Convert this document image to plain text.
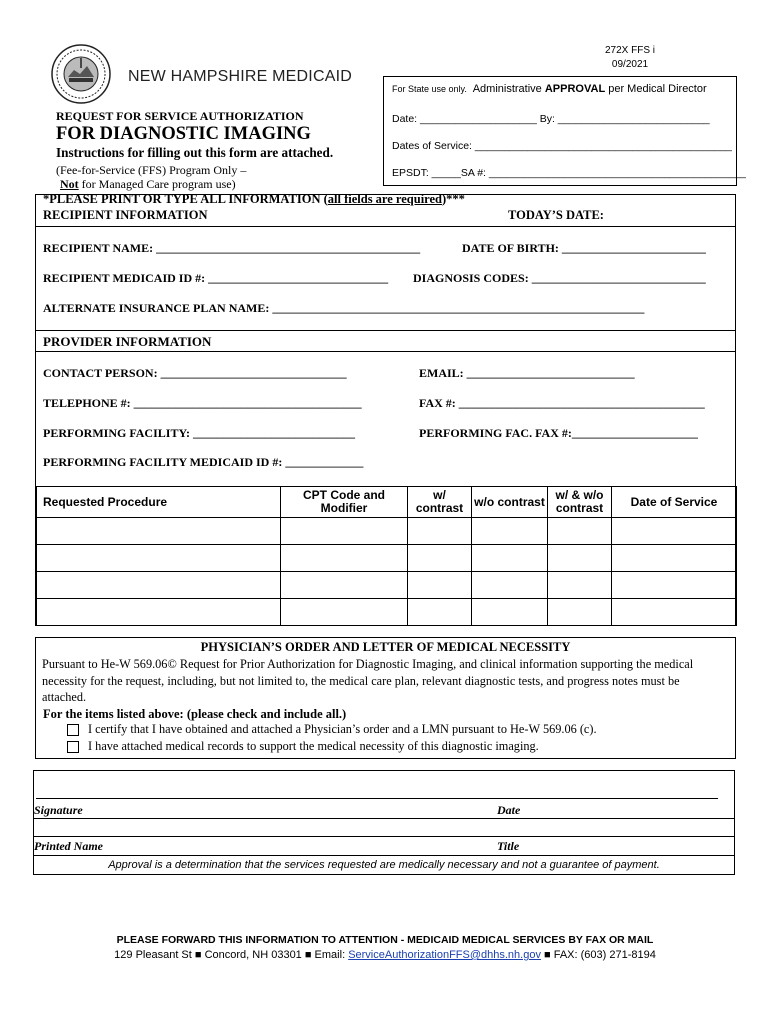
272X FFS i
09/2021
NEW HAMPSHIRE MEDICAID
REQUEST FOR SERVICE AUTHORIZATION
FOR DIAGNOSTIC IMAGING
Instructions for filling out this form are attached.
(Fee-for-Service (FFS) Program Only –
Not for Managed Care program use)
For State use only. Administrative APPROVAL per Medical Director
Date: ____________________ By: __________________________
Dates of Service: ____________________________________________
EPSDT: _____SA #: ____________________________________________
*PLEASE PRINT OR TYPE ALL INFORMATION (all fields are required)***
RECIPIENT INFORMATION	TODAY’S DATE:
RECIPIENT NAME: ____________________________________________	DATE OF BIRTH: ________________________
RECIPIENT MEDICAID ID #: ______________________________ DIAGNOSIS CODES: _____________________________
ALTERNATE INSURANCE PLAN NAME: ______________________________________________________________
PROVIDER INFORMATION
CONTACT PERSON: _______________________________	EMAIL: ____________________________
TELEPHONE #: ______________________________________	FAX #: _________________________________________
PERFORMING FACILITY: ___________________________	PERFORMING FAC. FAX #:_____________________
PERFORMING FACILITY MEDICAID ID #: _____________
Requested Procedure	CPT Code and Modifier	w/ contrast	w/o contrast	w/ & w/o contrast	Date of Service

PHYSICIAN’S ORDER AND LETTER OF MEDICAL NECESSITY
Pursuant to He-W 569.06© Request for Prior Authorization for Diagnostic Imaging, and clinical information supporting the medical necessity for the request, including, but not limited to, the medical care plan, relevant diagnostic tests, and progress notes must be attached.
For the items listed above: (please check and include all.)
I certify that I have obtained and attached a Physician’s order and a LMN pursuant to He-W 569.06 (c).
I have attached medical records to support the medical necessity of this diagnostic imaging.
Signature	Date
Printed Name	Title
Approval is a determination that the services requested are medically necessary and not a guarantee of payment.
PLEASE FORWARD THIS INFORMATION TO ATTENTION - MEDICAID MEDICAL SERVICES BY FAX OR MAIL
129 Pleasant St ■ Concord, NH 03301 ■ Email: ServiceAuthorizationFFS@dhhs.nh.gov ■ FAX: (603) 271-8194
